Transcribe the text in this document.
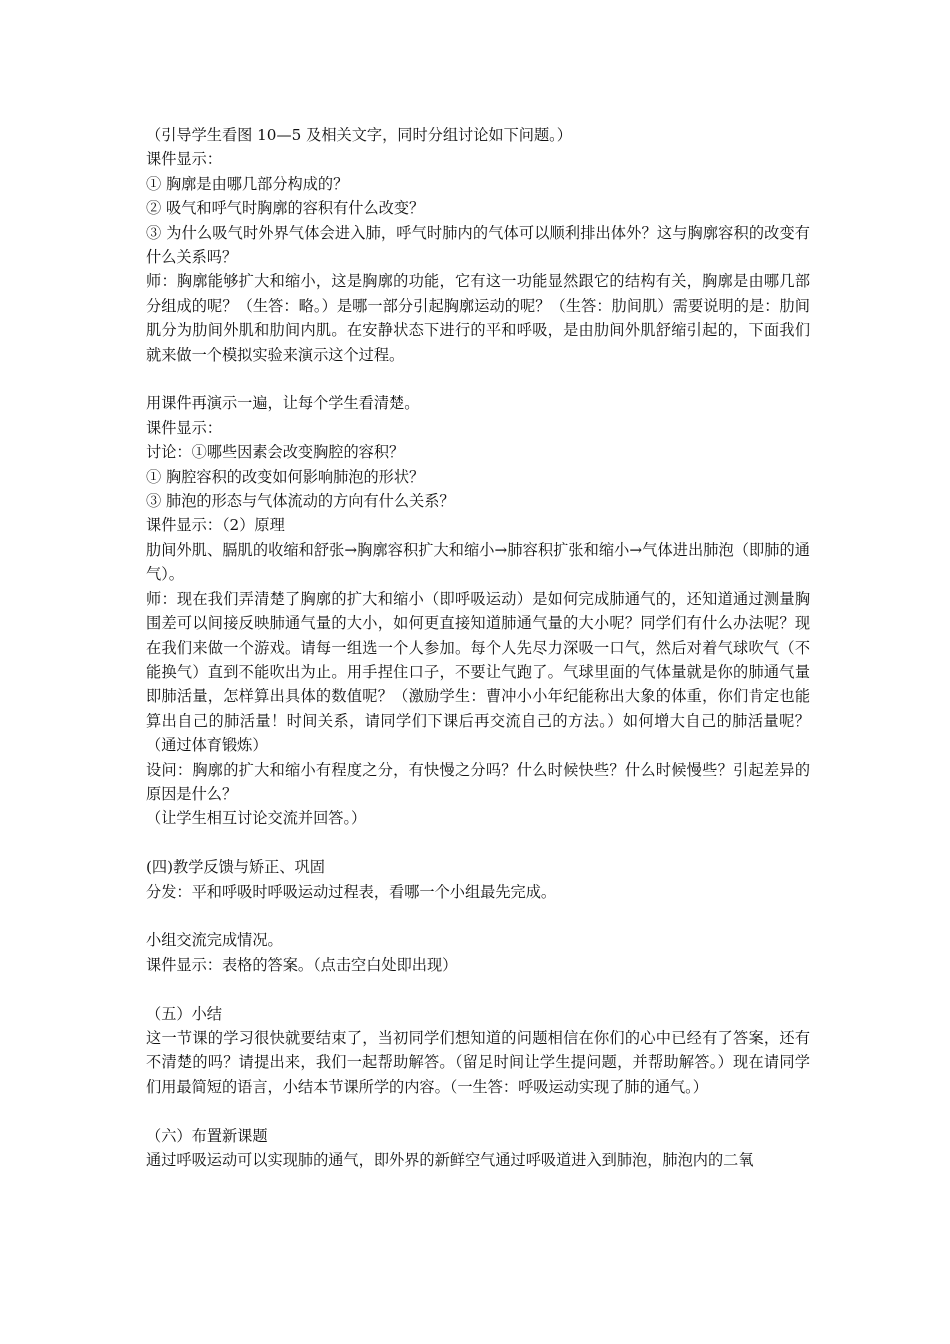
（引导学生看图 10—5 及相关文字，同时分组讨论如下问题。）

课件显示：

① 胸廓是由哪几部分构成的？

② 吸气和呼气时胸廓的容积有什么改变？

③ 为什么吸气时外界气体会进入肺，呼气时肺内的气体可以顺利排出体外？这与胸廓容积的改变有什么关系吗？

师：胸廓能够扩大和缩小，这是胸廓的功能，它有这一功能显然跟它的结构有关，胸廓是由哪几部分组成的呢？（生答：略。）是哪一部分引起胸廓运动的呢？（生答：肋间肌）需要说明的是：肋间肌分为肋间外肌和肋间内肌。在安静状态下进行的平和呼吸，是由肋间外肌舒缩引起的，下面我们就来做一个模拟实验来演示这个过程。

用课件再演示一遍，让每个学生看清楚。

课件显示：

讨论：①哪些因素会改变胸腔的容积？

① 胸腔容积的改变如何影响肺泡的形状？

③ 肺泡的形态与气体流动的方向有什么关系？

课件显示：（2）原理

肋间外肌、膈肌的收缩和舒张→胸廓容积扩大和缩小→肺容积扩张和缩小→气体进出肺泡（即肺的通气）。

师：现在我们弄清楚了胸廓的扩大和缩小（即呼吸运动）是如何完成肺通气的，还知道通过测量胸围差可以间接反映肺通气量的大小，如何更直接知道肺通气量的大小呢？同学们有什么办法呢？现在我们来做一个游戏。请每一组选一个人参加。每个人先尽力深吸一口气，然后对着气球吹气（不能换气）直到不能吹出为止。用手捏住口子，不要让气跑了。气球里面的气体量就是你的肺通气量即肺活量，怎样算出具体的数值呢？（激励学生：曹冲小小年纪能称出大象的体重，你们肯定也能算出自己的肺活量！时间关系，请同学们下课后再交流自己的方法。）如何增大自己的肺活量呢？（通过体育锻炼）

设问：胸廓的扩大和缩小有程度之分，有快慢之分吗？什么时候快些？什么时候慢些？引起差异的原因是什么？

（让学生相互讨论交流并回答。）

(四)教学反馈与矫正、巩固

分发：平和呼吸时呼吸运动过程表，看哪一个小组最先完成。

小组交流完成情况。

课件显示：表格的答案。（点击空白处即出现）

（五）小结

这一节课的学习很快就要结束了，当初同学们想知道的问题相信在你们的心中已经有了答案，还有不清楚的吗？请提出来，我们一起帮助解答。（留足时间让学生提问题，并帮助解答。）现在请同学们用最简短的语言，小结本节课所学的内容。（一生答：呼吸运动实现了肺的通气。）

（六）布置新课题

通过呼吸运动可以实现肺的通气，即外界的新鲜空气通过呼吸道进入到肺泡，肺泡内的二氧
